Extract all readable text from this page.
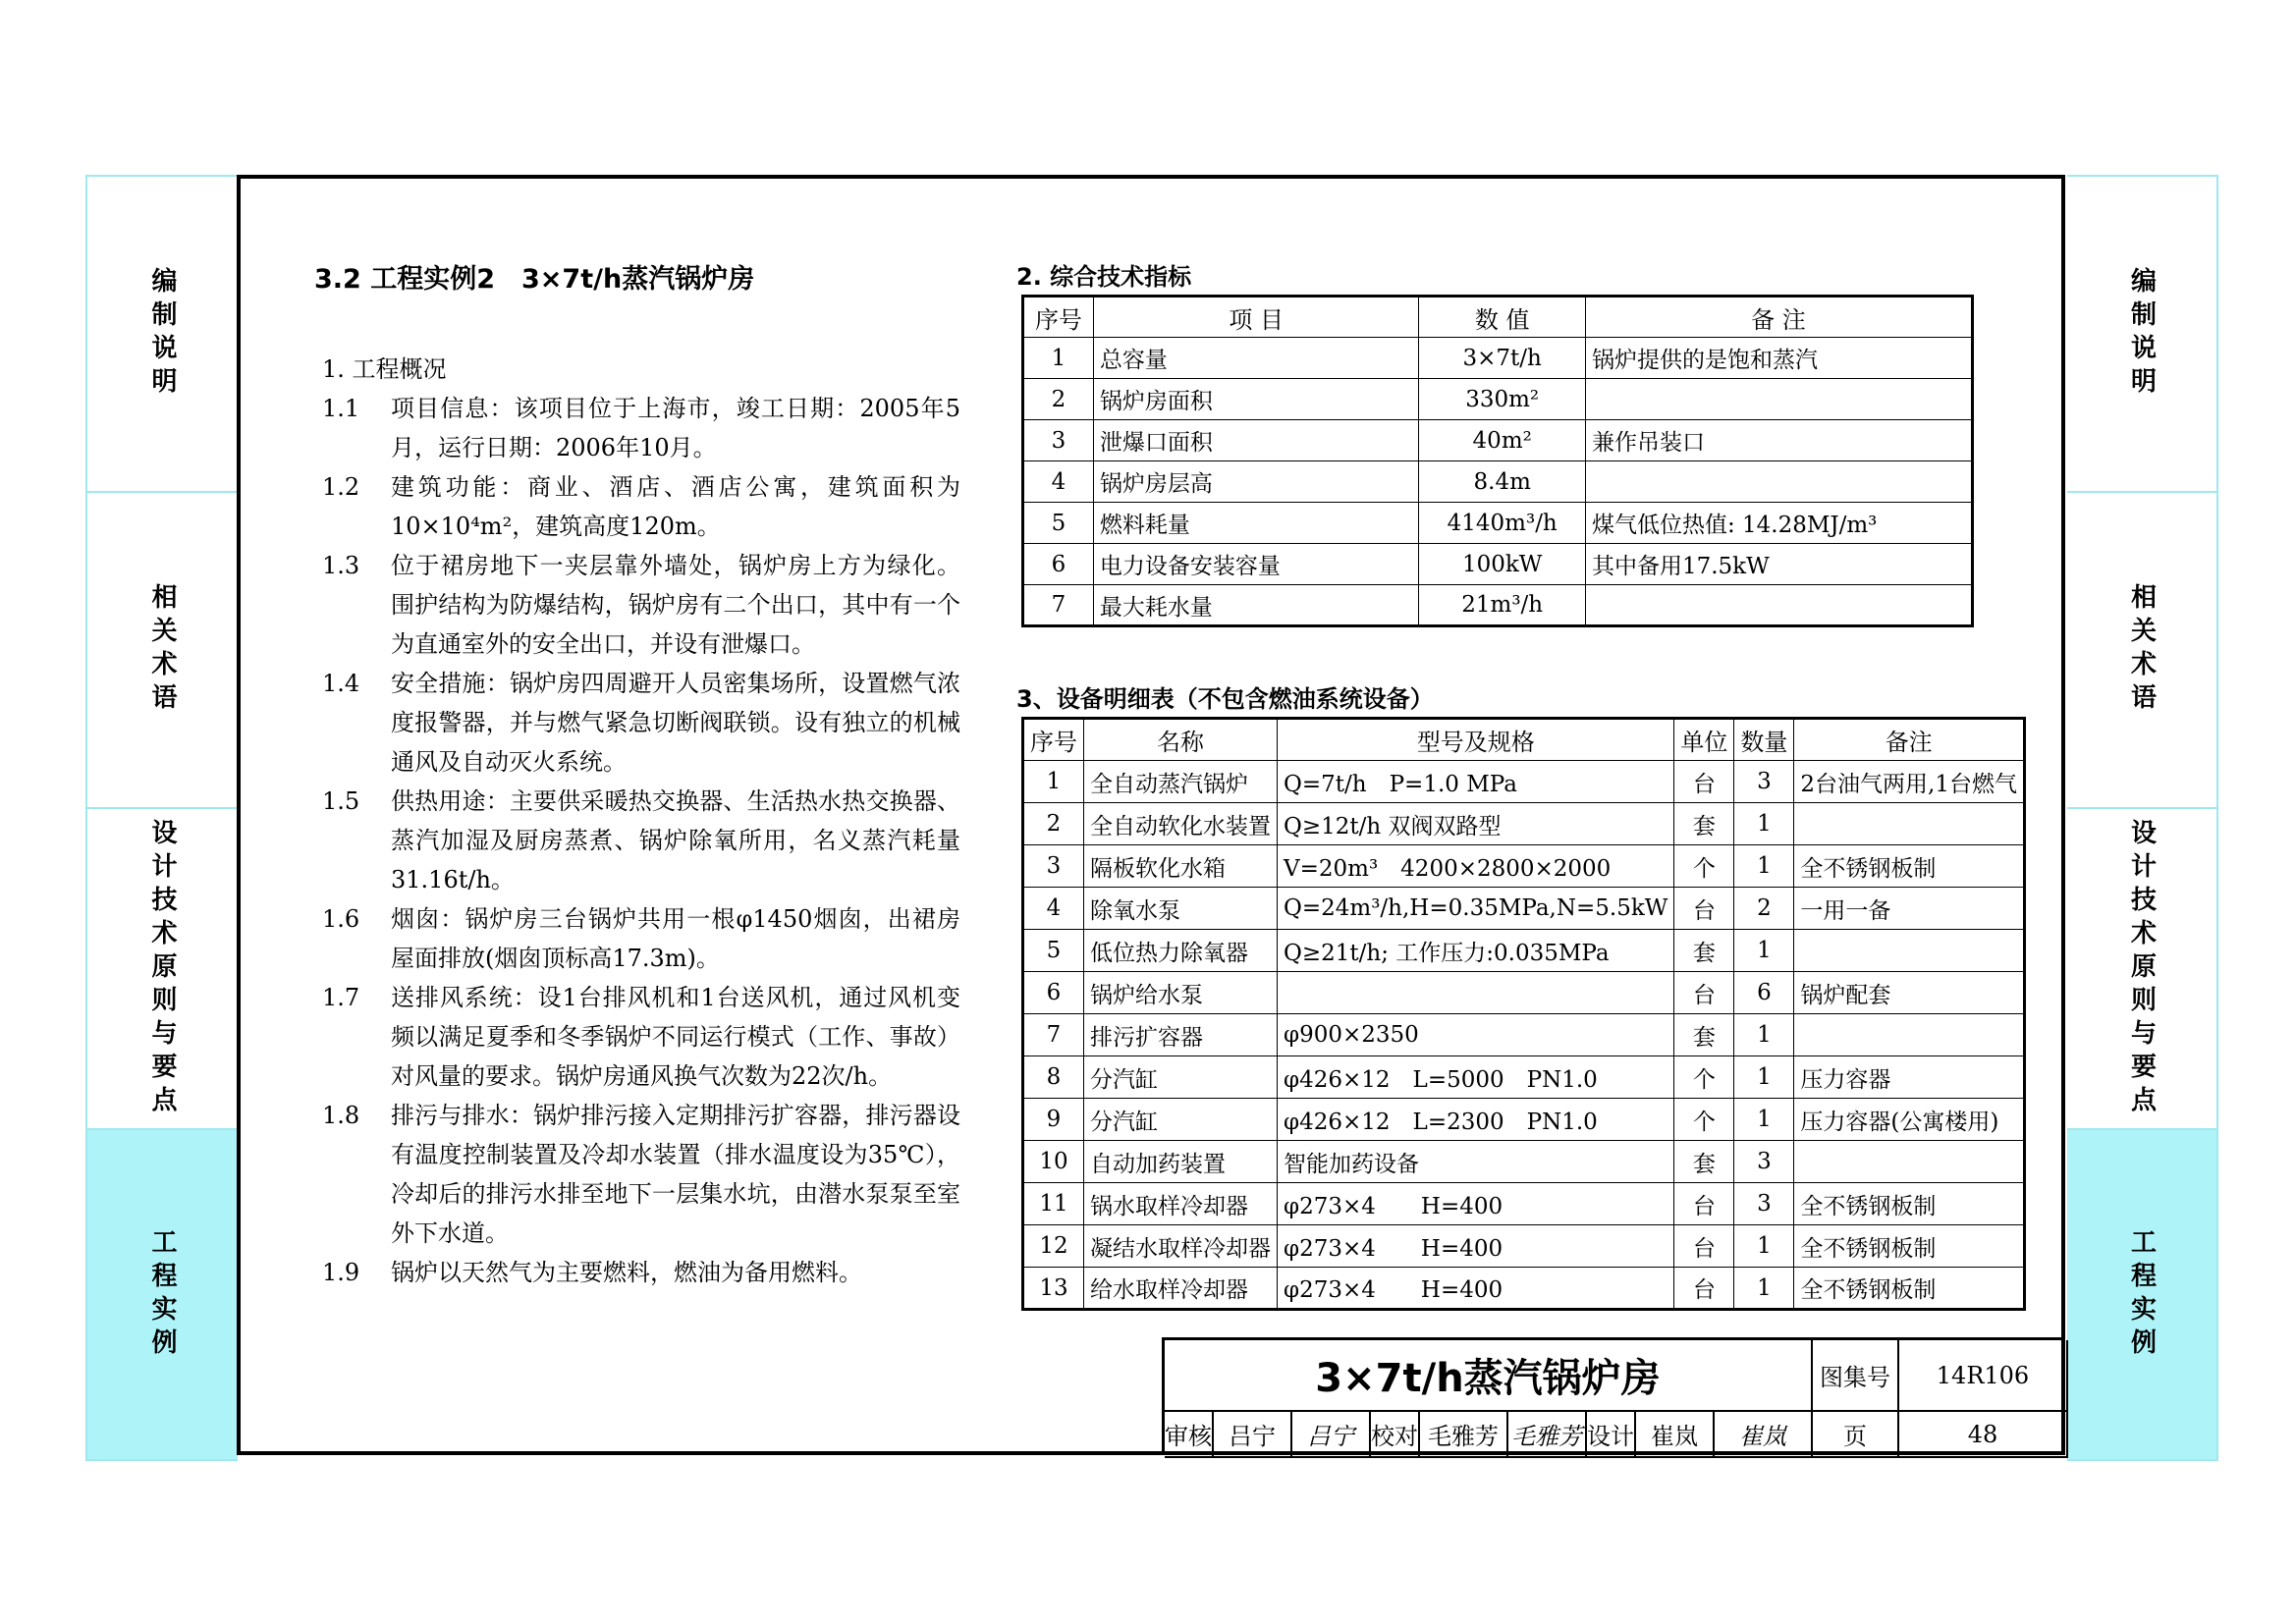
编制说明
相关术语
设计技术原则与要点
工程实例
编制说明
相关术语
设计技术原则与要点
工程实例
3.2 工程实例2　3×7t/h蒸汽锅炉房
1. 工程概况
1.1	项目信息：该项目位于上海市，竣工日期：2005年5月，运行日期：2006年10月。
1.2	建筑功能：商业、酒店、酒店公寓，建筑面积为10×10⁴m²，建筑高度120m。
1.3	位于裙房地下一夹层靠外墙处，锅炉房上方为绿化。 围护结构为防爆结构，锅炉房有二个出口，其中有一个为直通室外的安全出口，并设有泄爆口。
1.4	安全措施：锅炉房四周避开人员密集场所，设置燃气浓度报警器，并与燃气紧急切断阀联锁。设有独立的机械通风及自动灭火系统。
1.5	供热用途：主要供采暖热交换器、生活热水热交换器、蒸汽加湿及厨房蒸煮、锅炉除氧所用，名义蒸汽耗量31.16t/h。
1.6	烟囱：锅炉房三台锅炉共用一根φ1450烟囱，出裙房屋面排放(烟囱顶标高17.3m)。
1.7	送排风系统：设1台排风机和1台送风机，通过风机变频以满足夏季和冬季锅炉不同运行模式（工作、事故）对风量的要求。锅炉房通风换气次数为22次/h。
1.8	排污与排水：锅炉排污接入定期排污扩容器，排污器设有温度控制装置及冷却水装置（排水温度设为35℃），冷却后的排污水排至地下一层集水坑，由潜水泵泵至室外下水道。
1.9	锅炉以天然气为主要燃料，燃油为备用燃料。
2. 综合技术指标
序号	项 目	数 值	备 注
1	总容量	3×7t/h	锅炉提供的是饱和蒸汽
2	锅炉房面积	330m²	
3	泄爆口面积	40m²	兼作吊装口
4	锅炉房层高	8.4m	
5	燃料耗量	4140m³/h	煤气低位热值: 14.28MJ/m³
6	电力设备安装容量	100kW	其中备用17.5kW
7	最大耗水量	21m³/h	
3、设备明细表（不包含燃油系统设备）
序号	名称	型号及规格	单位	数量	备注
1	全自动蒸汽锅炉	Q=7t/h　P=1.0 MPa	台	3	2台油气两用,1台燃气
2	全自动软化水装置	Q≥12t/h 双阀双路型	套	1	
3	隔板软化水箱	V=20m³　4200×2800×2000	个	1	全不锈钢板制
4	除氧水泵	Q=24m³/h,H=0.35MPa,N=5.5kW	台	2	一用一备
5	低位热力除氧器	Q≥21t/h; 工作压力:0.035MPa	套	1	
6	锅炉给水泵		台	6	锅炉配套
7	排污扩容器	φ900×2350	套	1	
8	分汽缸	φ426×12　L=5000　PN1.0	个	1	压力容器
9	分汽缸	φ426×12　L=2300　PN1.0	个	1	压力容器(公寓楼用)
10	自动加药装置	智能加药设备	套	3	
11	锅水取样冷却器	φ273×4　　H=400	台	3	全不锈钢板制
12	凝结水取样冷却器	φ273×4　　H=400	台	1	全不锈钢板制
13	给水取样冷却器	φ273×4　　H=400	台	1	全不锈钢板制
3×7t/h蒸汽锅炉房	图集号	14R106
审核 吕宁	吕宁 校对 毛雅芳 毛雅芳 设计 崔岚	崔岚	页	48
